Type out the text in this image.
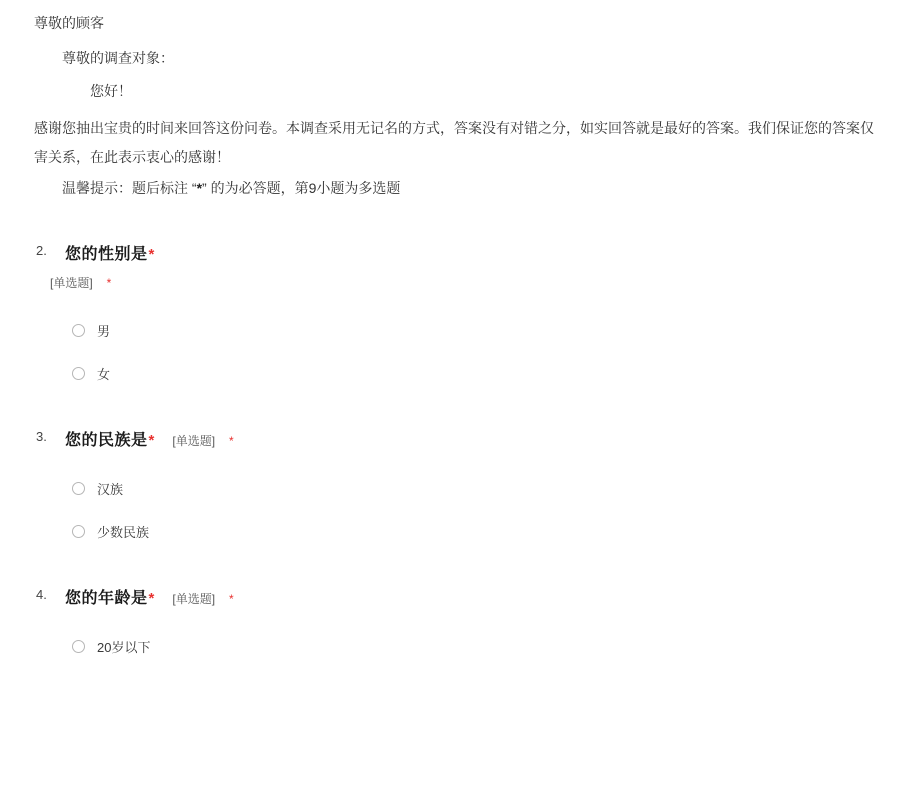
尊敬的顾客

尊敬的调查对象：

您好！

感谢您抽出宝贵的时间来回答这份问卷。本调查采用无记名的方式，答案没有对错之分，如实回答就是最好的答案。我们保证您的答案仅
害关系，在此表示衷心的感谢！

温馨提示：题后标注 “*” 的为必答题，第9小题为多选题

2. 您的性别是 *
[单选题] *
男
女
3. 您的民族是 * [单选题] *
汉族
少数民族
4. 您的年龄是 * [单选题] *
20岁以下
